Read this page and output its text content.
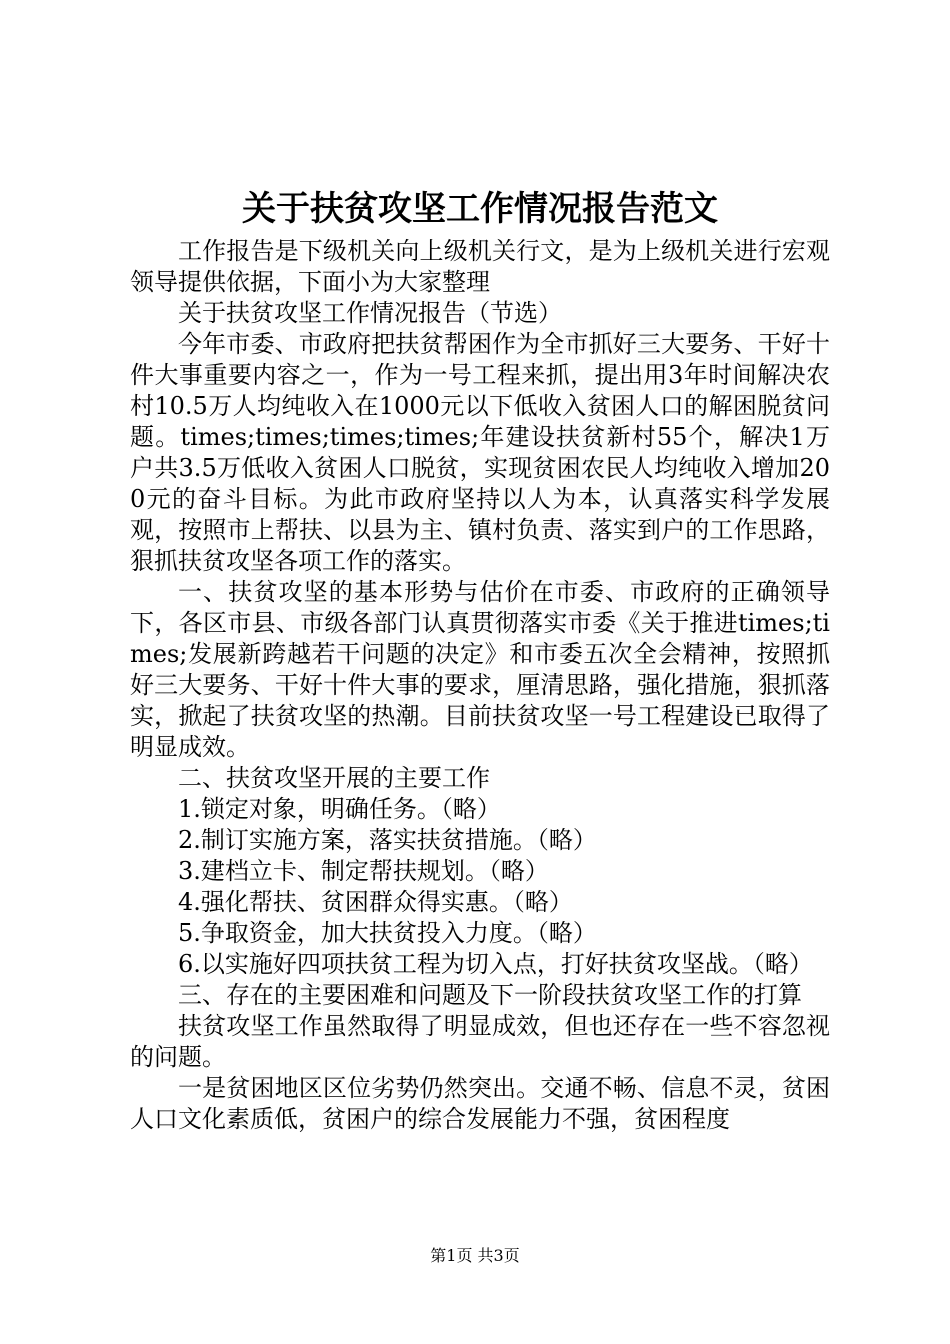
关于扶贫攻坚工作情况报告范文

工作报告是下级机关向上级机关行文，是为上级机关进行宏观领导提供依据，下面小为大家整理

关于扶贫攻坚工作情况报告（节选）

今年市委、市政府把扶贫帮困作为全市抓好三大要务、干好十件大事重要内容之一，作为一号工程来抓，提出用3年时间解决农村10.5万人均纯收入在1000元以下低收入贫困人口的解困脱贫问题。times;times;times;times;年建设扶贫新村55个，解决1万户共3.5万低收入贫困人口脱贫，实现贫困农民人均纯收入增加200元的奋斗目标。为此市政府坚持以人为本，认真落实科学发展观，按照市上帮扶、以县为主、镇村负责、落实到户的工作思路，狠抓扶贫攻坚各项工作的落实。

一、扶贫攻坚的基本形势与估价在市委、市政府的正确领导下，各区市县、市级各部门认真贯彻落实市委《关于推进times;times;发展新跨越若干问题的决定》和市委五次全会精神，按照抓好三大要务、干好十件大事的要求，厘清思路，强化措施，狠抓落实，掀起了扶贫攻坚的热潮。目前扶贫攻坚一号工程建设已取得了明显成效。

二、扶贫攻坚开展的主要工作

1.锁定对象，明确任务。（略）

2.制订实施方案，落实扶贫措施。（略）

3.建档立卡、制定帮扶规划。（略）

4.强化帮扶、贫困群众得实惠。（略）

5.争取资金，加大扶贫投入力度。（略）

6.以实施好四项扶贫工程为切入点，打好扶贫攻坚战。（略）

三、存在的主要困难和问题及下一阶段扶贫攻坚工作的打算

扶贫攻坚工作虽然取得了明显成效，但也还存在一些不容忽视的问题。

一是贫困地区区位劣势仍然突出。交通不畅、信息不灵，贫困人口文化素质低，贫困户的综合发展能力不强，贫困程度

第1页 共3页
